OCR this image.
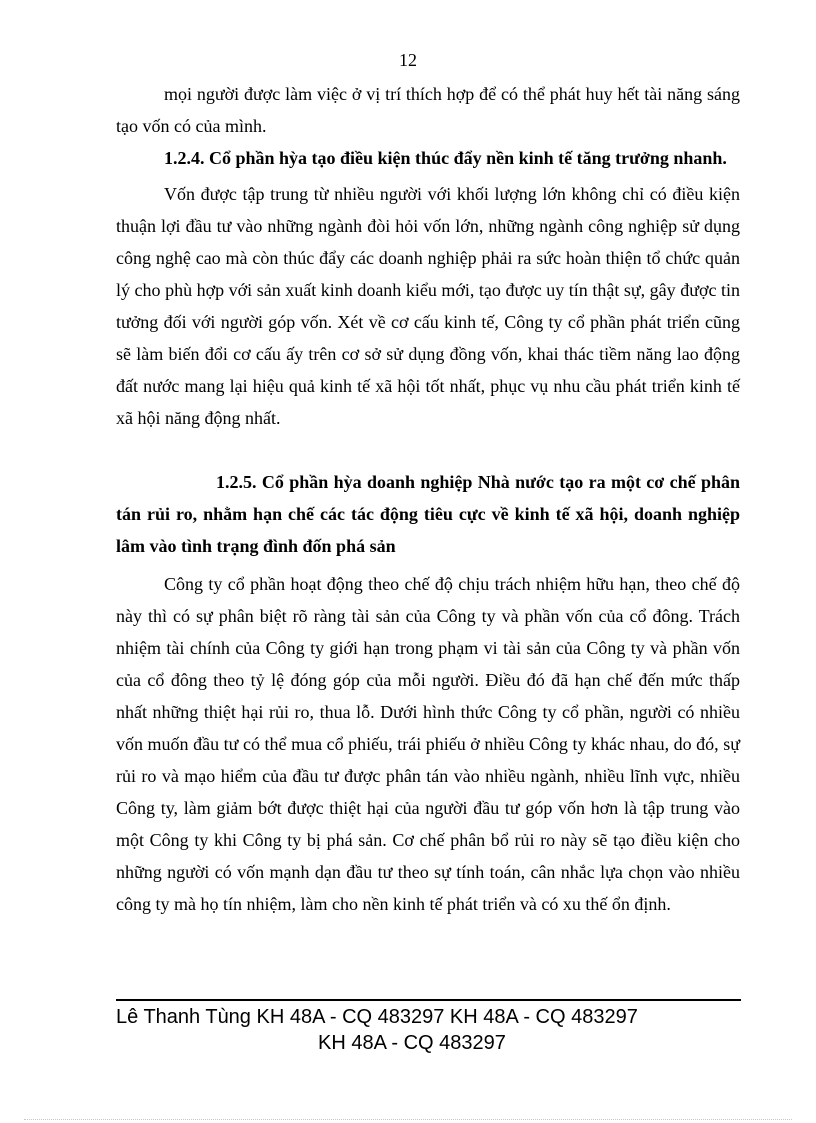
12

mọi người được làm việc ở vị trí thích hợp để có thể phát huy hết tài năng sáng tạo vốn có của mình.

1.2.4. Cổ phần hỳa tạo điều kiện thúc đẩy nền kinh tế tăng trưởng nhanh.

Vốn được tập trung từ nhiều người với khối lượng lớn không chỉ có điều kiện thuận lợi đầu tư vào những ngành đòi hỏi vốn lớn, những ngành công nghiệp sử dụng công nghệ cao mà còn thúc đẩy các doanh nghiệp phải ra sức hoàn thiện tổ chức quản lý cho phù hợp với sản xuất kinh doanh kiểu mới, tạo được uy tín thật sự, gây được tin tưởng đối với người góp vốn. Xét về cơ cấu kinh tế, Công ty cổ phần phát triển cũng sẽ làm biến đổi cơ cấu ấy trên cơ sở sử dụng đồng vốn, khai thác tiềm năng lao động đất nước mang lại hiệu quả kinh tế xã hội tốt nhất, phục vụ nhu cầu phát triển kinh tế xã hội năng động nhất.

1.2.5. Cổ phần hỳa doanh nghiệp Nhà nước tạo ra một cơ chế phân tán rủi ro, nhằm hạn chế các tác động tiêu cực về kinh tế xã hội, doanh nghiệp lâm vào tình trạng đình đốn phá sản

Công ty cổ phần hoạt động theo chế độ chịu trách nhiệm hữu hạn, theo chế độ này thì có sự phân biệt rõ ràng tài sản của Công ty và phần vốn của cổ đông. Trách nhiệm tài chính của Công ty giới hạn trong phạm vi tài sản của Công ty và phần vốn của cổ đông theo tỷ lệ đóng góp của mỗi người. Điều đó đã hạn chế đến mức thấp nhất những thiệt hại rủi ro, thua lỗ. Dưới hình thức Công ty cổ phần, người có nhiều vốn muốn đầu tư có thể mua cổ phiếu, trái phiếu ở nhiều Công ty khác nhau, do đó, sự rủi ro và mạo hiểm của đầu tư được phân tán vào nhiều ngành, nhiều lĩnh vực, nhiều Công ty, làm giảm bớt được thiệt hại của người đầu tư góp vốn hơn là tập trung vào một Công ty khi Công ty bị phá sản. Cơ chế phân bổ rủi ro này sẽ tạo điều kiện cho những người có vốn mạnh dạn đầu tư theo sự tính toán, cân nhắc lựa chọn vào nhiều công ty mà họ tín nhiệm, làm cho nền kinh tế phát triển và có xu thế ổn định.

Lê Thanh Tùng KH 48A - CQ 483297 KH 48A - CQ 483297
KH 48A - CQ 483297
